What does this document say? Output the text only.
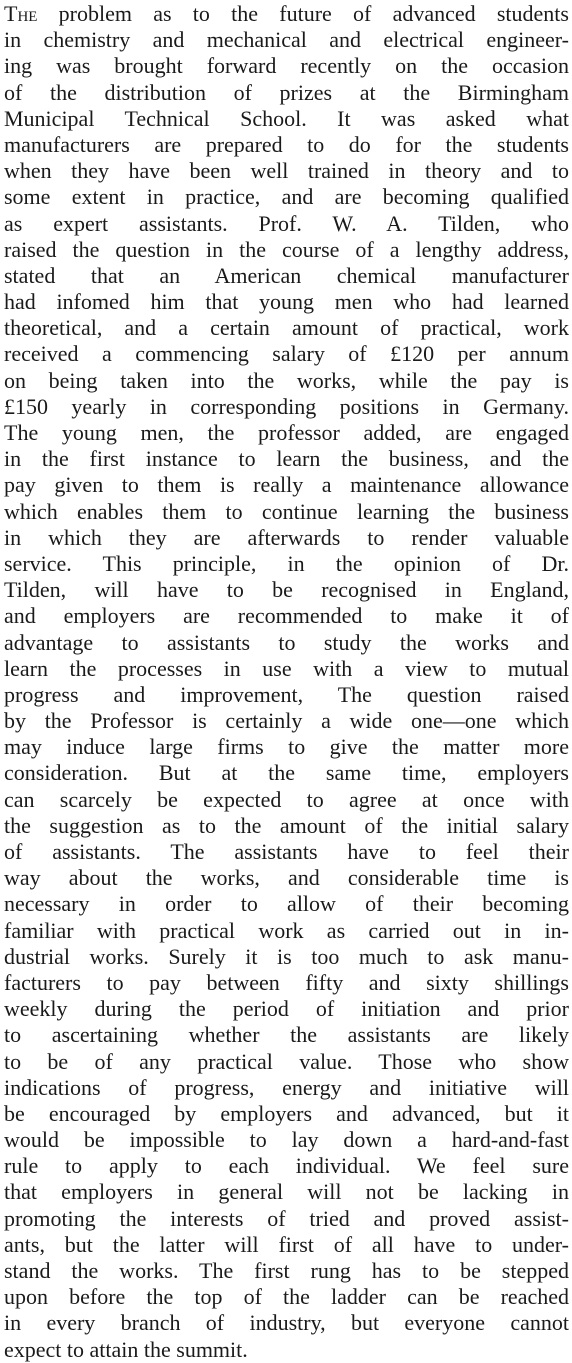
The problem as to the future of advanced students
in chemistry and mechanical and electrical engineer-
ing was brought forward recently on the occasion
of the distribution of prizes at the Birmingham
Municipal Technical School. It was asked what
manufacturers are prepared to do for the students
when they have been well trained in theory and to
some extent in practice, and are becoming qualified
as expert assistants. Prof. W. A. Tilden, who
raised the question in the course of a lengthy address,
stated that an American chemical manufacturer
had infomed him that young men who had learned
theoretical, and a certain amount of practical, work
received a commencing salary of £120 per annum
on being taken into the works, while the pay is
£150 yearly in corresponding positions in Germany.
The young men, the professor added, are engaged
in the first instance to learn the business, and the
pay given to them is really a maintenance allowance
which enables them to continue learning the business
in which they are afterwards to render valuable
service. This principle, in the opinion of Dr.
Tilden, will have to be recognised in England,
and employers are recommended to make it of
advantage to assistants to study the works and
learn the processes in use with a view to mutual
progress and improvement, The question raised
by the Professor is certainly a wide one—one which
may induce large firms to give the matter more
consideration. But at the same time, employers
can scarcely be expected to agree at once with
the suggestion as to the amount of the initial salary
of assistants. The assistants have to feel their
way about the works, and considerable time is
necessary in order to allow of their becoming
familiar with practical work as carried out in in-
dustrial works. Surely it is too much to ask manu-
facturers to pay between fifty and sixty shillings
weekly during the period of initiation and prior
to ascertaining whether the assistants are likely
to be of any practical value. Those who show
indications of progress, energy and initiative will
be encouraged by employers and advanced, but it
would be impossible to lay down a hard-and-fast
rule to apply to each individual. We feel sure
that employers in general will not be lacking in
promoting the interests of tried and proved assist-
ants, but the latter will first of all have to under-
stand the works. The first rung has to be stepped
upon before the top of the ladder can be reached
in every branch of industry, but everyone cannot
expect to attain the summit.
